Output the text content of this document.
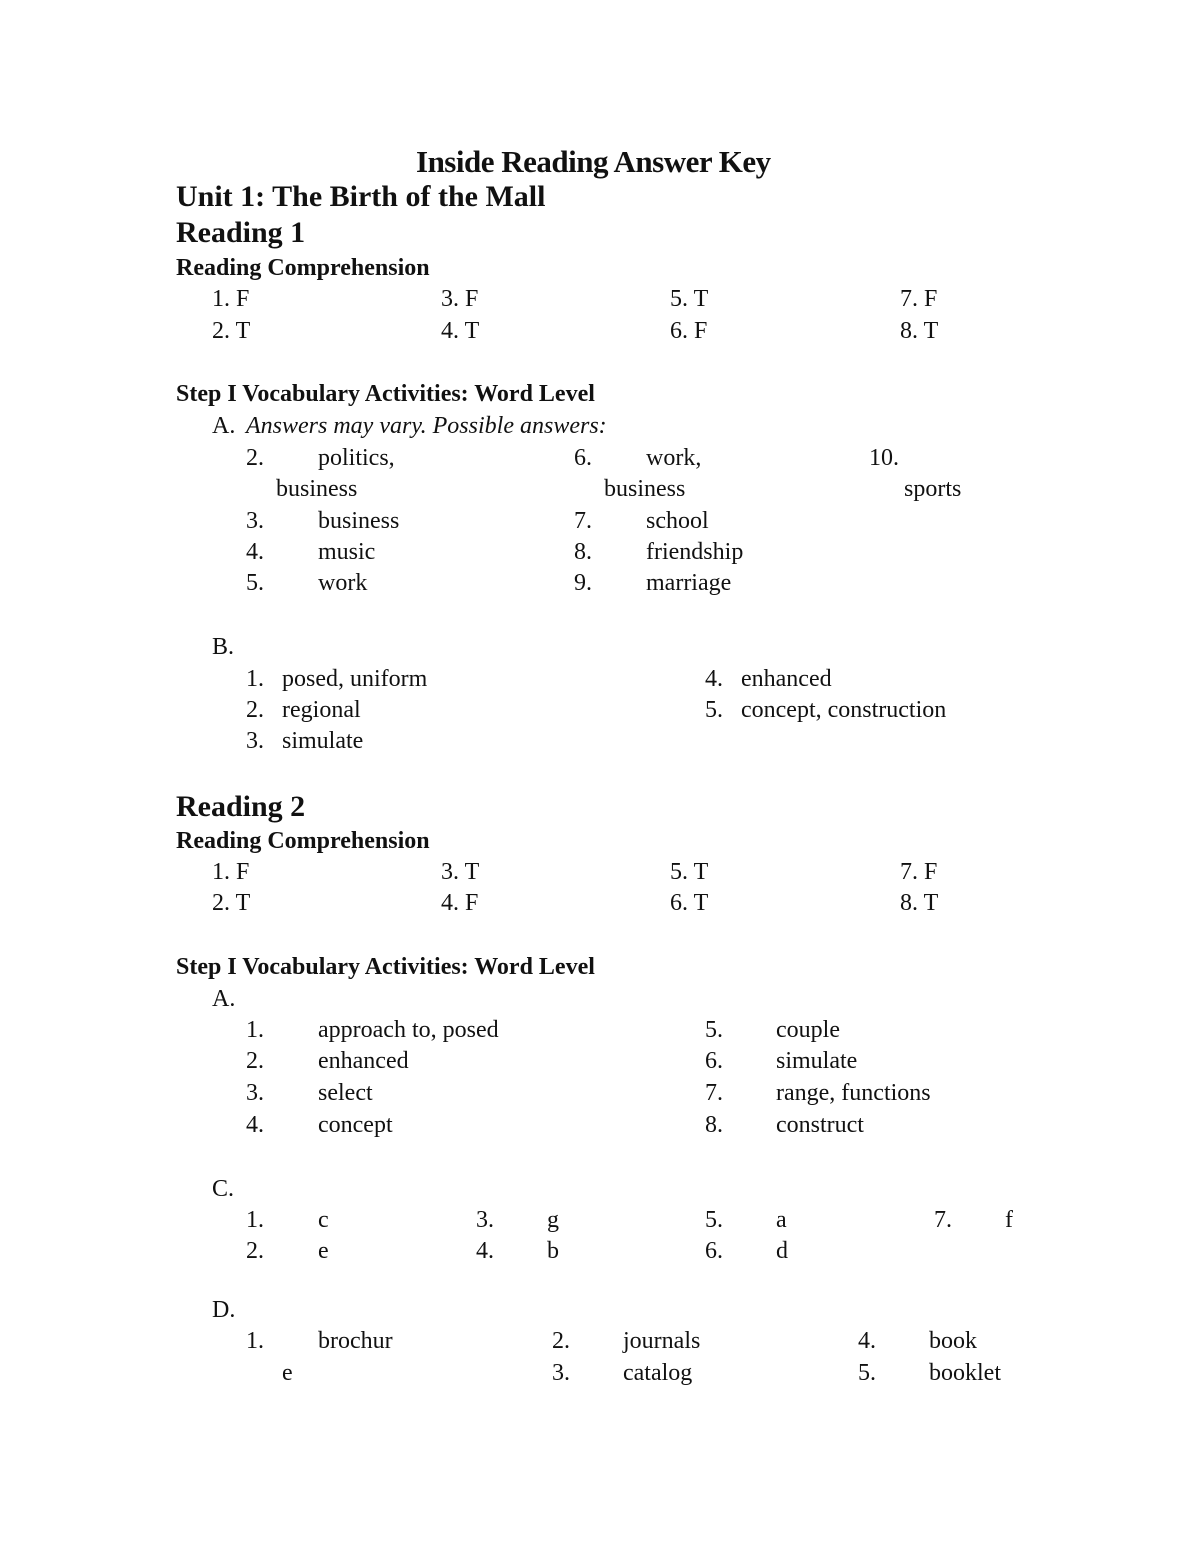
Inside Reading Answer Key
Unit 1: The Birth of the Mall
Reading 1
Reading Comprehension
1. F	3. F	5. T	7. F
2. T	4. T	6. F	8. T
Step I Vocabulary Activities: Word Level
A. Answers may vary. Possible answers:
2. politics,
business
3. business
4. music
5. work
6. work,
business
7. school
8. friendship
9. marriage
10.
sports
B.
1. posed, uniform
2. regional
3. simulate
4. enhanced
5. concept, construction
Reading 2
Reading Comprehension
1. F	3. T	5. T	7. F
2. T	4. F	6. T	8. T
Step I Vocabulary Activities: Word Level
A.
1. approach to, posed
2. enhanced
3. select
4. concept
5. couple
6. simulate
7. range, functions
8. construct
C.
1. c
2. e
3. g
4. b
5. a
6. d
7. f
D.
1. brochur
e
2. journals
3. catalog
4. book
5. booklet
